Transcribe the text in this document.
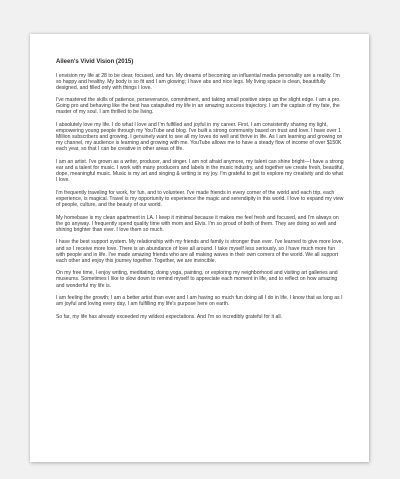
Aileen's Vivid Vision (2015)

I envision my life at 28 to be clear, focused, and fun. My dreams of becoming an influential media personality are a reality. I'm so happy and healthy. My body is so fit and I am glowing; I have abs and nice legs. My living space is clean, beautifully designed, and filled only with things I love.

I've mastered the skills of patience, perseverance, commitment, and taking small positive steps up the slight edge. I am a pro. Going pro and behaving like the best has catapulted my life in an amazing success trajectory. I am the captain of my fate, the master of my soul. I am thrilled to be living.

I absolutely love my life. I do what I love and I'm fulfilled and joyful in my career. First, I am consistently sharing my light, empowering young people through my YouTube and blog. I've built a strong community based on trust and love. I have over 1 Million subscribers and growing. I genuinely want to see all my loves do well and thrive in life. As I am learning and growing on my channel, my audience is learning and growing with me. YouTube allows me to have a steady flow of income of over $150K each year, so that I can be creative in other areas of life.

I am an artist. I've grown as a writer, producer, and singer. I am not afraid anymore, my talent can shine bright—I have a strong ear and a talent for music. I work with many producers and labels in the music industry, and together we create fresh, beautiful, dope, meaningful music. Music is my art and singing & writing is my joy. I'm grateful to get to explore my creativity and do what I love.

I'm frequently traveling for work, for fun, and to volunteer. I've made friends in every corner of the world and each trip, each experience, is magical. Travel is my opportunity to experience the magic and serendipity in this world. I love to expand my view of people, culture, and the beauty of our world.

My homebase is my clean apartment in LA. I keep it minimal because it makes me feel fresh and focused, and I'm always on the go anyway. I frequently spend quality time with mom and Elvis. I'm so proud of both of them. They are doing so well and shining brighter than ever. I love them so much.

I have the best support system. My relationship with my friends and family is stronger than ever. I've learned to give more love, and so I receive more love. There is an abundance of love all around. I take myself less seriously, so I have much more fun with people and in life. I've made amazing friends who are all making waves in their own corners of the world. We all support each other and enjoy this journey together. Together, we are invincible.

On my free time, I enjoy writing, meditating, doing yoga, painting, or exploring my neighborhood and visiting art galleries and museums. Sometimes I like to slow down to remind myself to appreciate each moment in life, and to reflect on how amazing and wonderful my life is.

I am feeling the growth; I am a better artist than ever and I am having so much fun doing all I do in life. I know that as long as I am joyful and loving every day, I am fulfilling my life's purpose here on earth.

So far, my life has already exceeded my wildest expectations. And I'm so incredibly grateful for it all.
